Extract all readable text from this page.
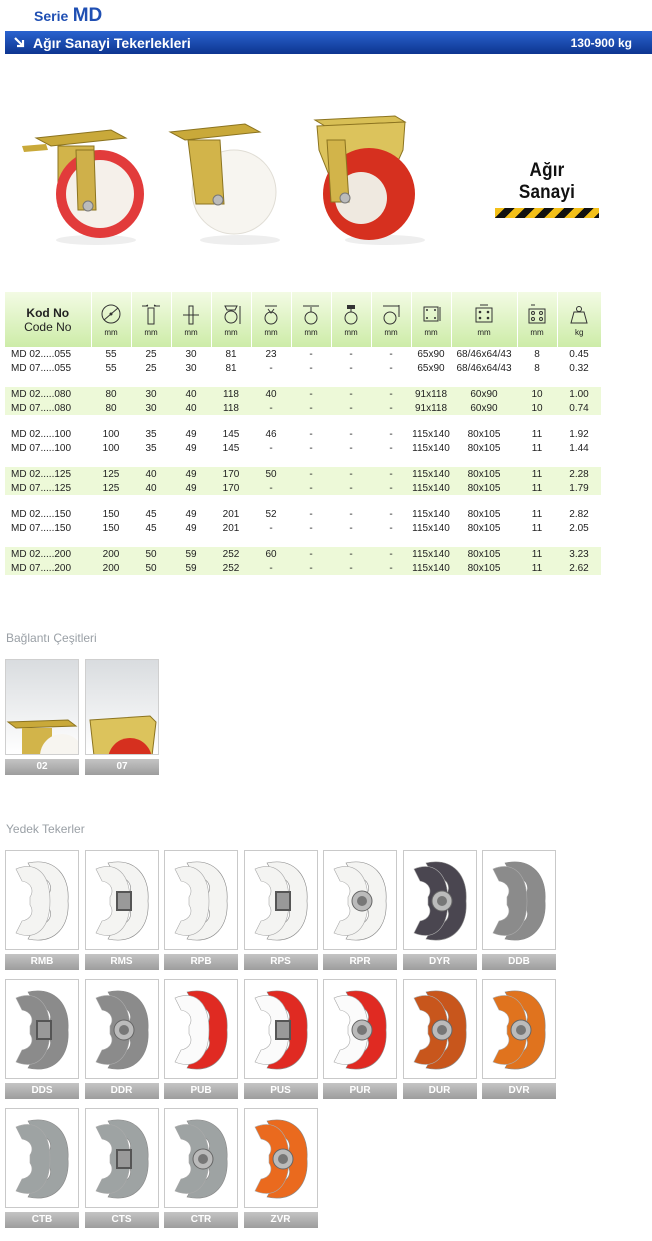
Serie MD
Ağır Sanayi Tekerlekleri	130-900 kg
Ağır Sanayi
Kod No
Code No	mm	mm	mm	mm	mm	mm	mm	mm	mm	mm	mm	kg

MD 02.....055	55	25	30	81	23	-	-	-	65x90	68/46x64/43	8	0.45
MD 07.....055	55	25	30	81	-	-	-	-	65x90	68/46x64/43	8	0.32

MD 02.....080	80	30	40	118	40	-	-	-	91x118	60x90	10	1.00
MD 07.....080	80	30	40	118	-	-	-	-	91x118	60x90	10	0.74

MD 02.....100	100	35	49	145	46	-	-	-	115x140	80x105	11	1.92
MD 07.....100	100	35	49	145	-	-	-	-	115x140	80x105	11	1.44

MD 02.....125	125	40	49	170	50	-	-	-	115x140	80x105	11	2.28
MD 07.....125	125	40	49	170	-	-	-	-	115x140	80x105	11	1.79

MD 02.....150	150	45	49	201	52	-	-	-	115x140	80x105	11	2.82
MD 07.....150	150	45	49	201	-	-	-	-	115x140	80x105	11	2.05

MD 02.....200	200	50	59	252	60	-	-	-	115x140	80x105	11	3.23
MD 07.....200	200	50	59	252	-	-	-	-	115x140	80x105	11	2.62
Bağlantı Çeşitleri
02	07
Yedek Tekerler
RMB	RMS	RPB	RPS	RPR	DYR	DDB
DDS	DDR	PUB	PUS	PUR	DUR	DVR
CTB	CTS	CTR	ZVR
